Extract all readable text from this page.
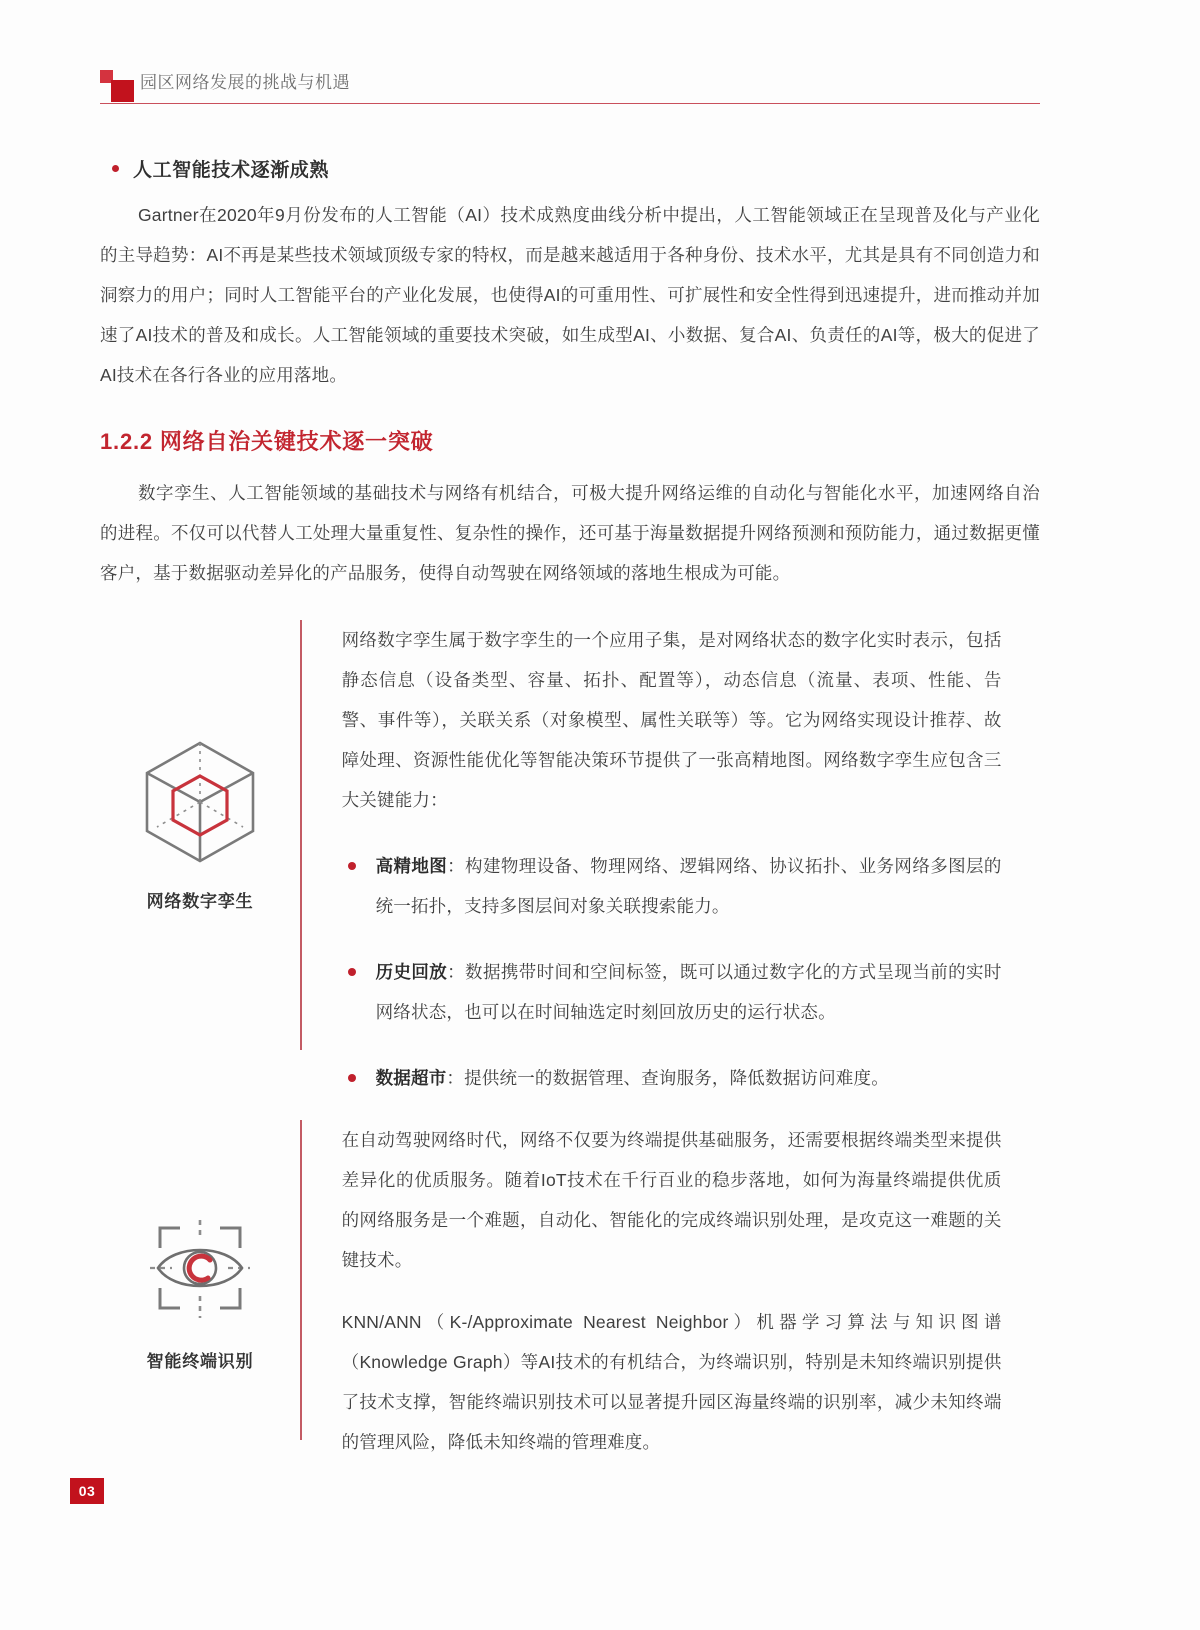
园区网络发展的挑战与机遇
人工智能技术逐渐成熟
Gartner在2020年9月份发布的人工智能（AI）技术成熟度曲线分析中提出，人工智能领域正在呈现普及化与产业化的主导趋势：AI不再是某些技术领域顶级专家的特权，而是越来越适用于各种身份、技术水平，尤其是具有不同创造力和洞察力的用户；同时人工智能平台的产业化发展，也使得AI的可重用性、可扩展性和安全性得到迅速提升，进而推动并加速了AI技术的普及和成长。人工智能领域的重要技术突破，如生成型AI、小数据、复合AI、负责任的AI等，极大的促进了AI技术在各行各业的应用落地。
1.2.2 网络自治关键技术逐一突破
数字孪生、人工智能领域的基础技术与网络有机结合，可极大提升网络运维的自动化与智能化水平，加速网络自治的进程。不仅可以代替人工处理大量重复性、复杂性的操作，还可基于海量数据提升网络预测和预防能力，通过数据更懂客户，基于数据驱动差异化的产品服务，使得自动驾驶在网络领域的落地生根成为可能。
网络数字孪生

网络数字孪生属于数字孪生的一个应用子集，是对网络状态的数字化实时表示，包括静态信息（设备类型、容量、拓扑、配置等），动态信息（流量、表项、性能、告警、事件等），关联关系（对象模型、属性关联等）等。它为网络实现设计推荐、故障处理、资源性能优化等智能决策环节提供了一张高精地图。网络数字孪生应包含三大关键能力：

高精地图：构建物理设备、物理网络、逻辑网络、协议拓扑、业务网络多图层的统一拓扑，支持多图层间对象关联搜索能力。
历史回放：数据携带时间和空间标签，既可以通过数字化的方式呈现当前的实时网络状态，也可以在时间轴选定时刻回放历史的运行状态。
数据超市：提供统一的数据管理、查询服务，降低数据访问难度。
智能终端识别

在自动驾驶网络时代，网络不仅要为终端提供基础服务，还需要根据终端类型来提供差异化的优质服务。随着IoT技术在千行百业的稳步落地，如何为海量终端提供优质的网络服务是一个难题，自动化、智能化的完成终端识别处理，是攻克这一难题的关键技术。

KNN/ANN（K-/Approximate Nearest Neighbor）机器学习算法与知识图谱（Knowledge Graph）等AI技术的有机结合，为终端识别，特别是未知终端识别提供了技术支撑，智能终端识别技术可以显著提升园区海量终端的识别率，减少未知终端的管理风险，降低未知终端的管理难度。

03
